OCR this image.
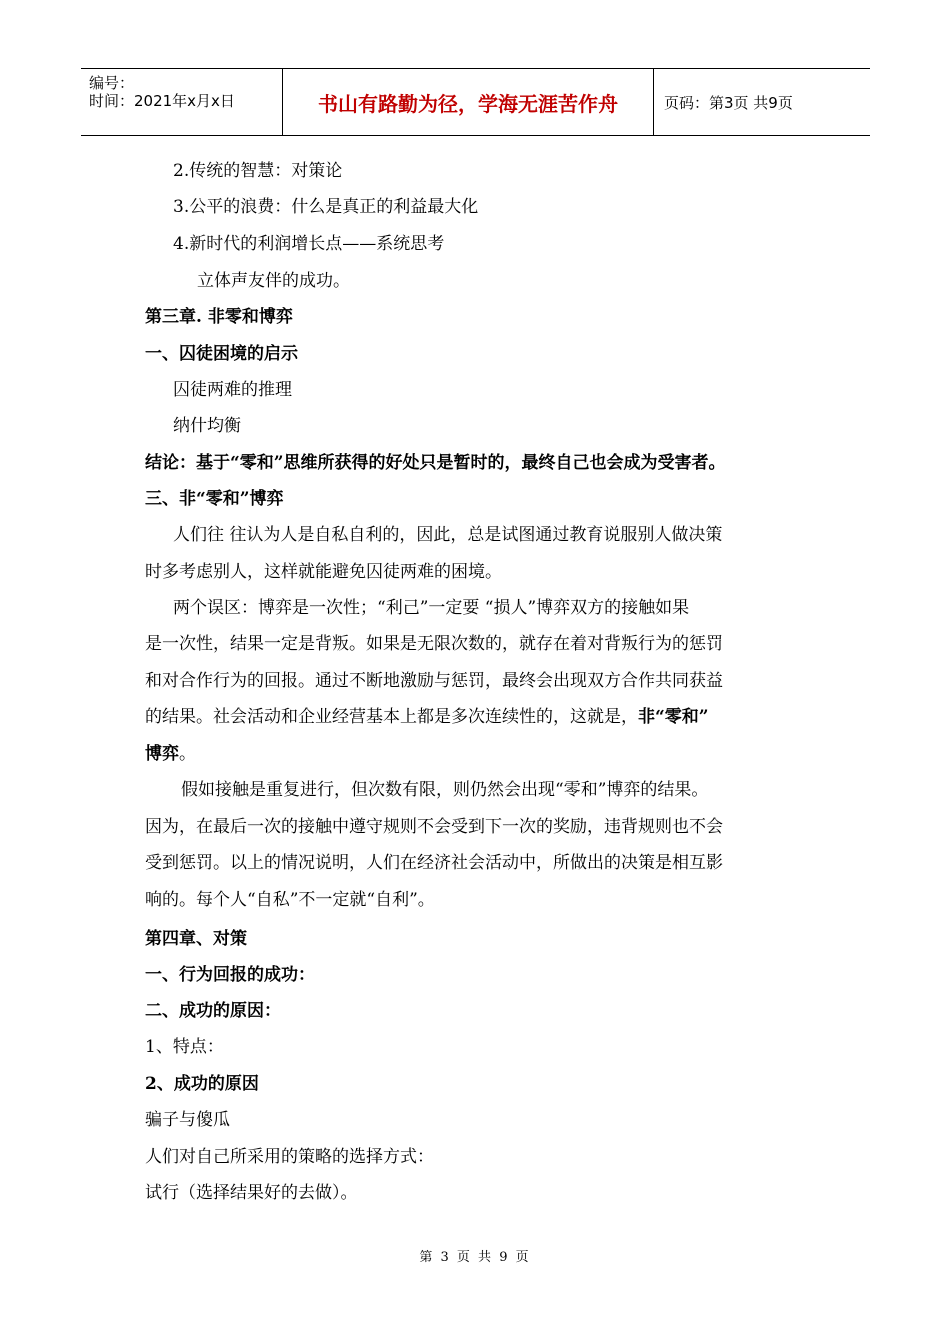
编号：
时间：2021年x月x日	书山有路勤为径，学海无涯苦作舟	页码：第3页 共9页
2.传统的智慧：对策论
3.公平的浪费：什么是真正的利益最大化
4.新时代的利润增长点——系统思考
立体声友伴的成功。
第三章. 非零和博弈
一、囚徒困境的启示
囚徒两难的推理
纳什均衡
结论：基于“零和”思维所获得的好处只是暂时的，最终自己也会成为受害者。
三、非“零和”博弈
人们往 往认为人是自私自利的，因此，总是试图通过教育说服别人做决策
时多考虑别人，这样就能避免囚徒两难的困境。
两个误区：博弈是一次性；“利己”一定要 “损人”博弈双方的接触如果
是一次性，结果一定是背叛。如果是无限次数的，就存在着对背叛行为的惩罚
和对合作行为的回报。通过不断地激励与惩罚，最终会出现双方合作共同获益
的结果。社会活动和企业经营基本上都是多次连续性的，这就是，非“零和”
博弈。
假如接触是重复进行，但次数有限，则仍然会出现“零和”博弈的结果。
因为，在最后一次的接触中遵守规则不会受到下一次的奖励，违背规则也不会
受到惩罚。以上的情况说明，人们在经济社会活动中，所做出的决策是相互影
响的。每个人“自私”不一定就“自利”。
第四章、对策
一、行为回报的成功：
二、成功的原因：
1、特点：
2、成功的原因
骗子与傻瓜
人们对自己所采用的策略的选择方式：
试行（选择结果好的去做）。
第 3 页 共 9 页
